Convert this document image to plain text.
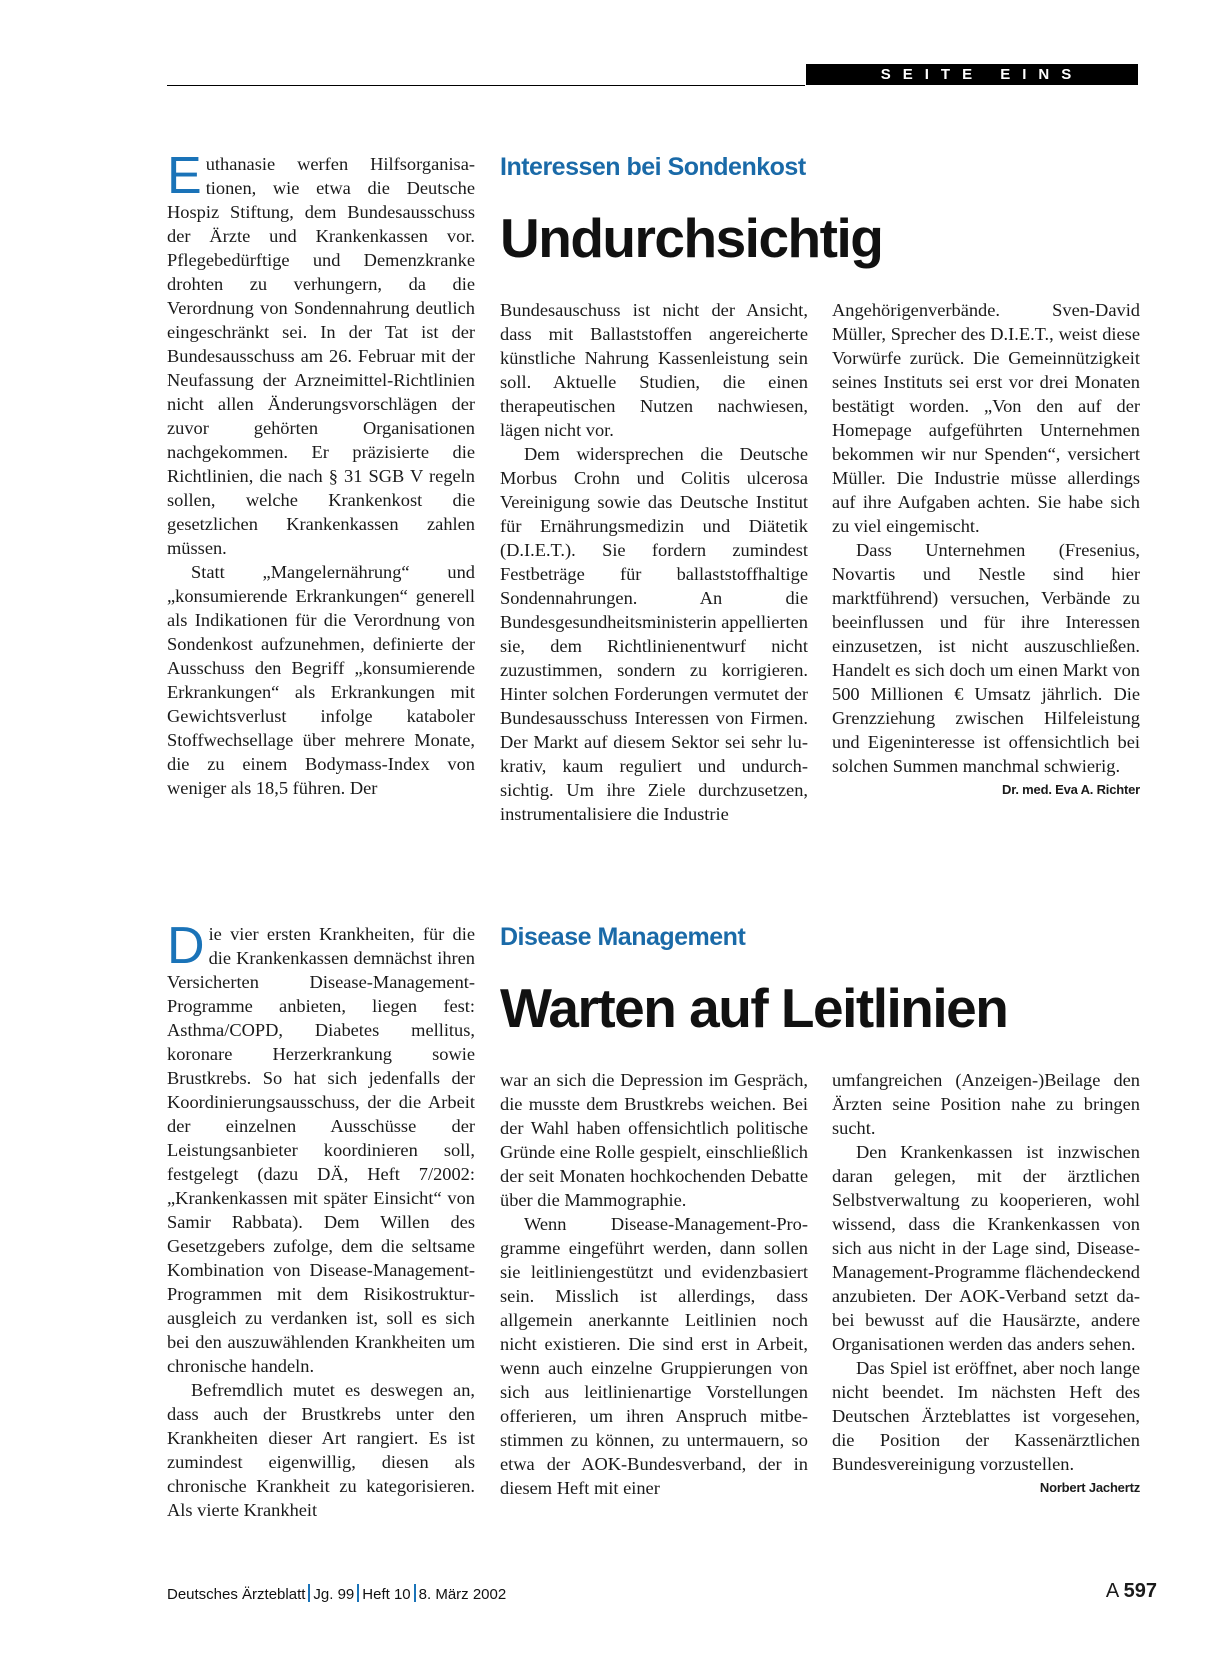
SEITE EINS

Euthanasie werfen Hilfsorganisationen, wie etwa die Deutsche Hospiz Stiftung, dem Bundesausschuss der Ärzte und Krankenkassen vor. Pflegebedürftige und Demenzkranke drohten zu verhungern, da die Verordnung von Sondennahrung deutlich eingeschränkt sei. In der Tat ist der Bundesausschuss am 26. Februar mit der Neufassung der Arzneimittel-Richtlinien nicht allen Änderungsvorschlägen der zuvor gehörten Organisationen nachgekommen. Er präzisierte die Richtlinien, die nach § 31 SGB V regeln sollen, welche Krankenkost die gesetzlichen Krankenkassen zahlen müssen.

Statt „Mangelernährung“ und „konsumierende Erkrankungen“ generell als Indikationen für die Verordnung von Sondenkost aufzunehmen, definierte der Ausschuss den Begriff „konsumierende Erkrankungen“ als Erkrankungen mit Gewichtsverlust infolge kataboler Stoffwechsellage über mehrere Monate, die zu einem Bodymass-Index von weniger als 18,5 führen. Der

Interessen bei Sondenkost
Undurchsichtig

Bundesauschuss ist nicht der Ansicht, dass mit Ballaststoffen angereicherte künstliche Nahrung Kassenleistung sein soll. Aktuelle Studien, die einen therapeutischen Nutzen nachwiesen, lägen nicht vor.

Dem widersprechen die Deutsche Morbus Crohn und Colitis ulcerosa Vereinigung sowie das Deutsche Institut für Ernährungsmedizin und Diätetik (D.I.E.T.). Sie fordern zumindest Festbeträge für ballaststoffhaltige Sondennahrungen. An die Bundesgesundheitsministerin appellierten sie, dem Richtlinienentwurf nicht zuzustimmen, sondern zu korrigieren. Hinter solchen Forderungen vermutet der Bundesausschuss Interessen von Firmen. Der Markt auf diesem Sektor sei sehr lukrativ, kaum reguliert und undurchsichtig. Um ihre Ziele durchzusetzen, instrumentalisiere die Industrie

Angehörigenverbände. Sven-David Müller, Sprecher des D.I.E.T., weist diese Vorwürfe zurück. Die Gemeinnützigkeit seines Instituts sei erst vor drei Monaten bestätigt worden. „Von den auf der Homepage aufgeführten Unternehmen bekommen wir nur Spenden“, versichert Müller. Die Industrie müsse allerdings auf ihre Aufgaben achten. Sie habe sich zu viel eingemischt.

Dass Unternehmen (Fresenius, Novartis und Nestle sind hier marktführend) versuchen, Verbände zu beeinflussen und für ihre Interessen einzusetzen, ist nicht auszuschließen. Handelt es sich doch um einen Markt von 500 Millionen € Umsatz jährlich. Die Grenzziehung zwischen Hilfeleistung und Eigeninteresse ist offensichtlich bei solchen Summen manchmal schwierig.
Dr. med. Eva A. Richter

Die vier ersten Krankheiten, für die die Krankenkassen demnächst ihren Versicherten Disease-Management-Programme anbieten, liegen fest: Asthma/COPD, Diabetes mellitus, koronare Herzerkrankung sowie Brustkrebs. So hat sich jedenfalls der Koordinierungsausschuss, der die Arbeit der einzelnen Ausschüsse der Leistungsanbieter koordinieren soll, festgelegt (dazu DÄ, Heft 7/2002: „Krankenkassen mit später Einsicht“ von Samir Rabbata). Dem Willen des Gesetzgebers zufolge, dem die seltsame Kombination von Disease-Management-Programmen mit dem Risikostrukturausgleich zu verdanken ist, soll es sich bei den auszuwählenden Krankheiten um chronische handeln.

Befremdlich mutet es deswegen an, dass auch der Brustkrebs unter den Krankheiten dieser Art rangiert. Es ist zumindest eigenwillig, diesen als chronische Krankheit zu kategorisieren. Als vierte Krankheit

Disease Management
Warten auf Leitlinien

war an sich die Depression im Gespräch, die musste dem Brustkrebs weichen. Bei der Wahl haben offensichtlich politische Gründe eine Rolle gespielt, einschließlich der seit Monaten hochkochenden Debatte über die Mammographie.

Wenn Disease-Management-Programme eingeführt werden, dann sollen sie leitliniengestützt und evidenzbasiert sein. Misslich ist allerdings, dass allgemein anerkannte Leitlinien noch nicht existieren. Die sind erst in Arbeit, wenn auch einzelne Gruppierungen von sich aus leitlinienartige Vorstellungen offerieren, um ihren Anspruch mitbestimmen zu können, zu untermauern, so etwa der AOK-Bundesverband, der in diesem Heft mit einer

umfangreichen (Anzeigen-)Beilage den Ärzten seine Position nahe zu bringen sucht.

Den Krankenkassen ist inzwischen daran gelegen, mit der ärztlichen Selbstverwaltung zu kooperieren, wohl wissend, dass die Krankenkassen von sich aus nicht in der Lage sind, Disease-Management-Programme flächendeckend anzubieten. Der AOK-Verband setzt dabei bewusst auf die Hausärzte, andere Organisationen werden das anders sehen.

Das Spiel ist eröffnet, aber noch lange nicht beendet. Im nächsten Heft des Deutschen Ärzteblattes ist vorgesehen, die Position der Kassenärztlichen Bundesvereinigung vorzustellen.
Norbert Jachertz

Deutsches Ärzteblatt Jg. 99 Heft 10 8. März 2002	A 597
